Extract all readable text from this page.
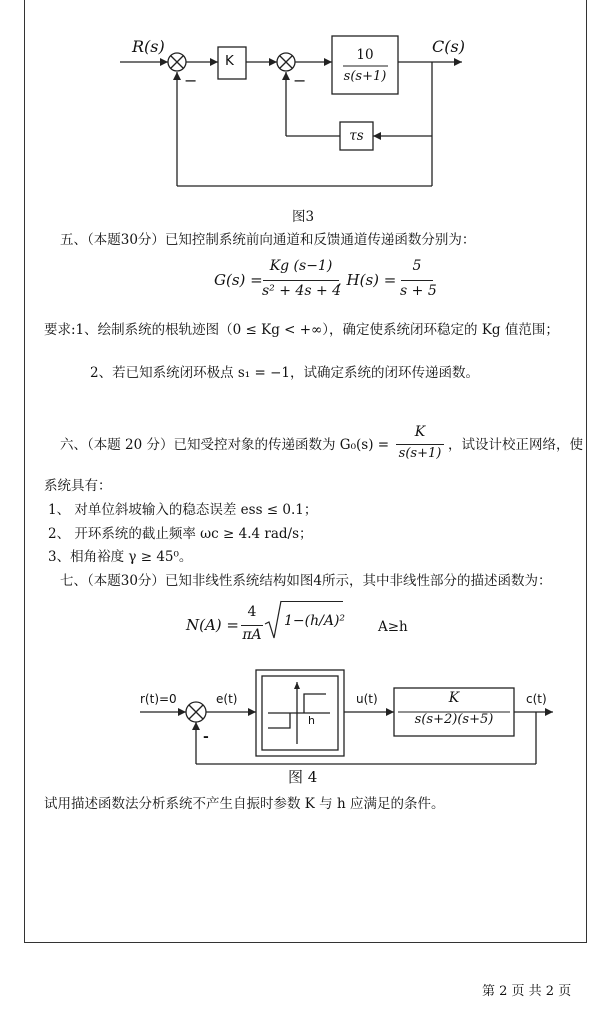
R(s)	C(s)
K	10
s(s+1)
τs
−	−
图3
五、（本题30分）已知控制系统前向通道和反馈通道传递函数分别为：
G(s) =
Kg (s−1)
s² + 4s + 4
, H(s) =
5
s + 5
要求:1、绘制系统的根轨迹图（0 ≤ Kg < +∞），确定使系统闭环稳定的 Kg 值范围；
2、若已知系统闭环极点 s₁ = −1，试确定系统的闭环传递函数。
六、（本题 20 分）已知受控对象的传递函数为 G₀(s) =
K
s(s+1)
，试设计校正网络，使
系统具有：
1、 对单位斜坡输入的稳态误差 ess ≤ 0.1；
2、 开环系统的截止频率 ωc ≥ 4.4 rad/s；
3、相角裕度 γ ≥ 45⁰。
七、（本题30分）已知非线性系统结构如图4所示，其中非线性部分的描述函数为：
N(A) =
4
πA
1−(h/A)² A≥h
r(t)=0	e(t)	u(t)	c(t)
h
-
K
s(s+2)(s+5)
图 4
试用描述函数法分析系统不产生自振时参数 K 与 h 应满足的条件。
第 2 页 共 2 页
